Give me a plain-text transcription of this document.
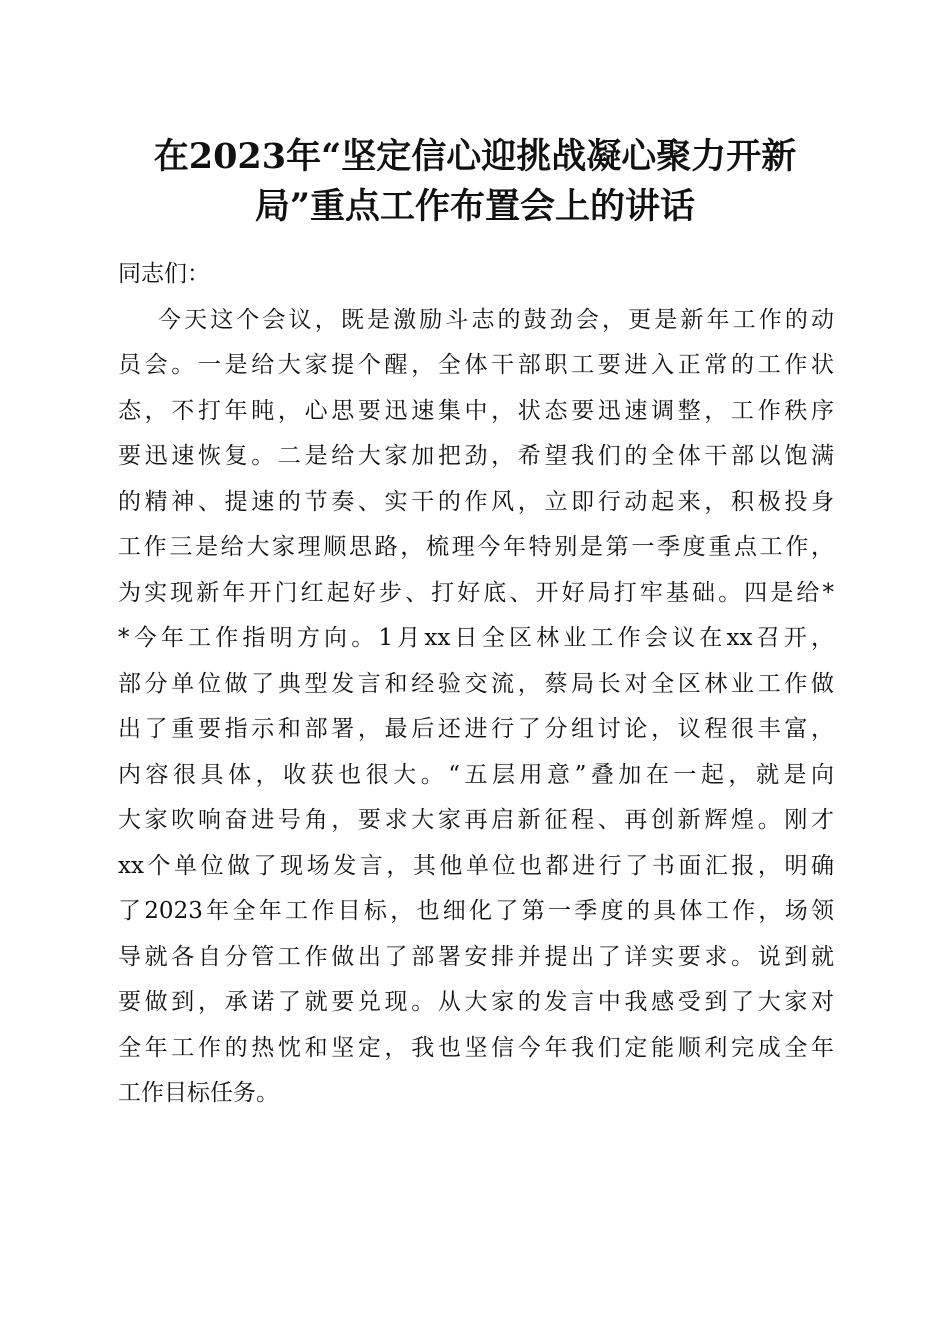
在2023年“坚定信心迎挑战凝心聚力开新
局”重点工作布置会上的讲话

同志们：

今天这个会议，既是激励斗志的鼓劲会，更是新年工作的动
员会。一是给大家提个醒，全体干部职工要进入正常的工作状
态，不打年盹，心思要迅速集中，状态要迅速调整，工作秩序
要迅速恢复。二是给大家加把劲，希望我们的全体干部以饱满
的精神、提速的节奏、实干的作风，立即行动起来，积极投身
工作三是给大家理顺思路，梳理今年特别是第一季度重点工作，
为实现新年开门红起好步、打好底、开好局打牢基础。四是给*
*今年工作指明方向。1月xx日全区林业工作会议在xx召开，
部分单位做了典型发言和经验交流，蔡局长对全区林业工作做
出了重要指示和部署，最后还进行了分组讨论，议程很丰富，
内容很具体，收获也很大。“五层用意”叠加在一起，就是向
大家吹响奋进号角，要求大家再启新征程、再创新辉煌。刚才
xx个单位做了现场发言，其他单位也都进行了书面汇报，明确
了2023年全年工作目标，也细化了第一季度的具体工作，场领
导就各自分管工作做出了部署安排并提出了详实要求。说到就
要做到，承诺了就要兑现。从大家的发言中我感受到了大家对
全年工作的热忱和坚定，我也坚信今年我们定能顺利完成全年
工作目标任务。
